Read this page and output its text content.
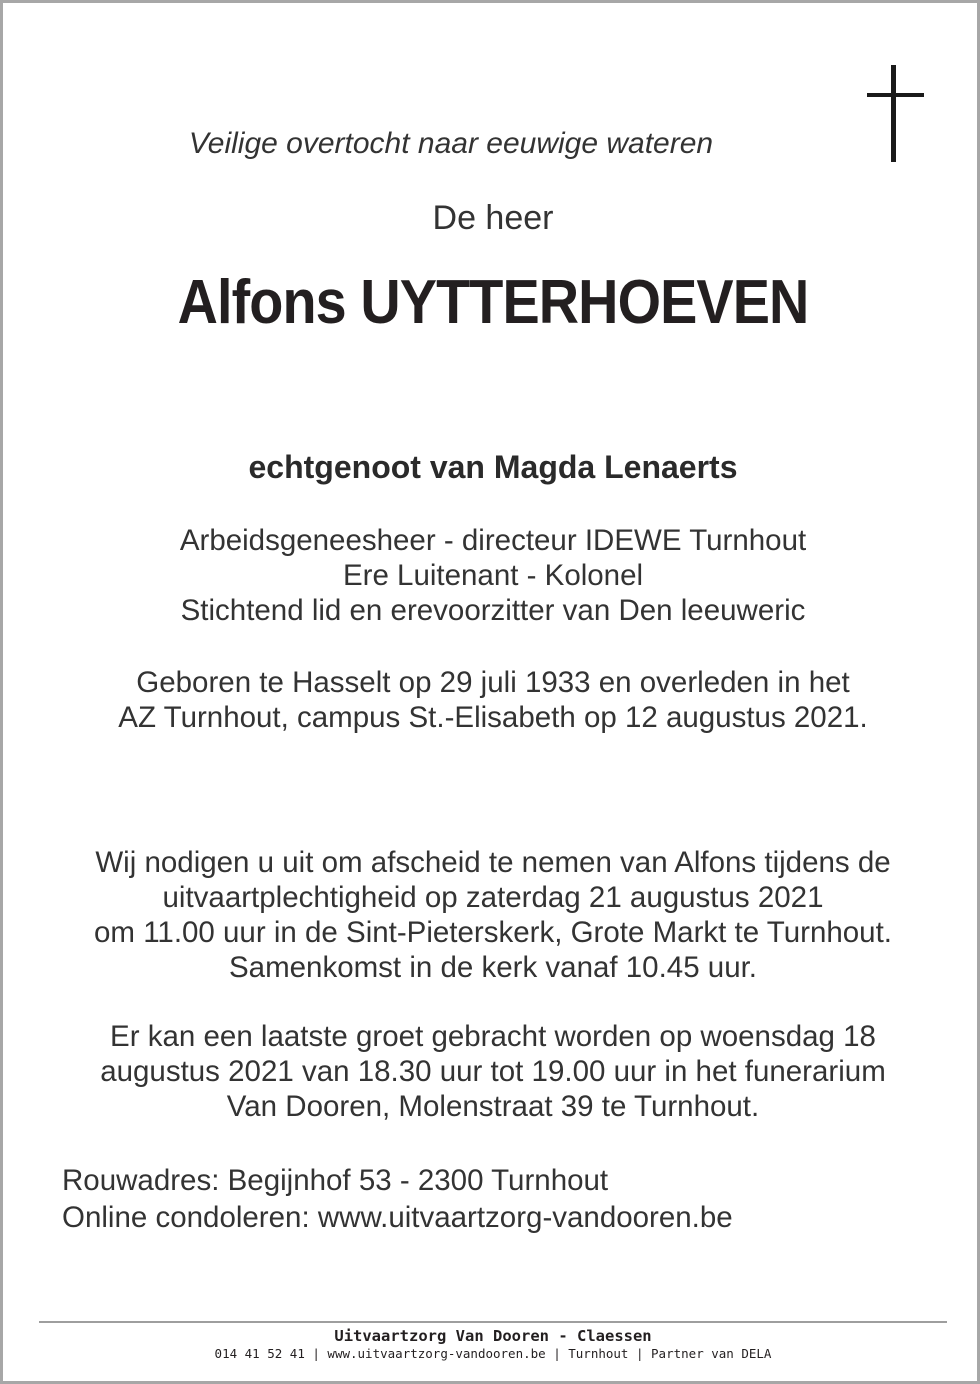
Veilige overtocht naar eeuwige wateren
De heer
Alfons UYTTERHOEVEN
echtgenoot van Magda Lenaerts
Arbeidsgeneesheer - directeur IDEWE Turnhout
Ere Luitenant - Kolonel
Stichtend lid en erevoorzitter van Den leeuweric
Geboren te Hasselt op 29 juli 1933 en overleden in het
AZ Turnhout, campus St.-Elisabeth op 12 augustus 2021.
Wij nodigen u uit om afscheid te nemen van Alfons tijdens de
uitvaartplechtigheid op zaterdag 21 augustus 2021
om 11.00 uur in de Sint-Pieterskerk, Grote Markt te Turnhout.
Samenkomst in de kerk vanaf 10.45 uur.
Er kan een laatste groet gebracht worden op woensdag 18
augustus 2021 van 18.30 uur tot 19.00 uur in het funerarium
Van Dooren, Molenstraat 39 te Turnhout.
Rouwadres: Begijnhof 53 - 2300 Turnhout
Online condoleren: www.uitvaartzorg-vandooren.be
Uitvaartzorg Van Dooren - Claessen
014 41 52 41 | www.uitvaartzorg-vandooren.be | Turnhout | Partner van DELA
